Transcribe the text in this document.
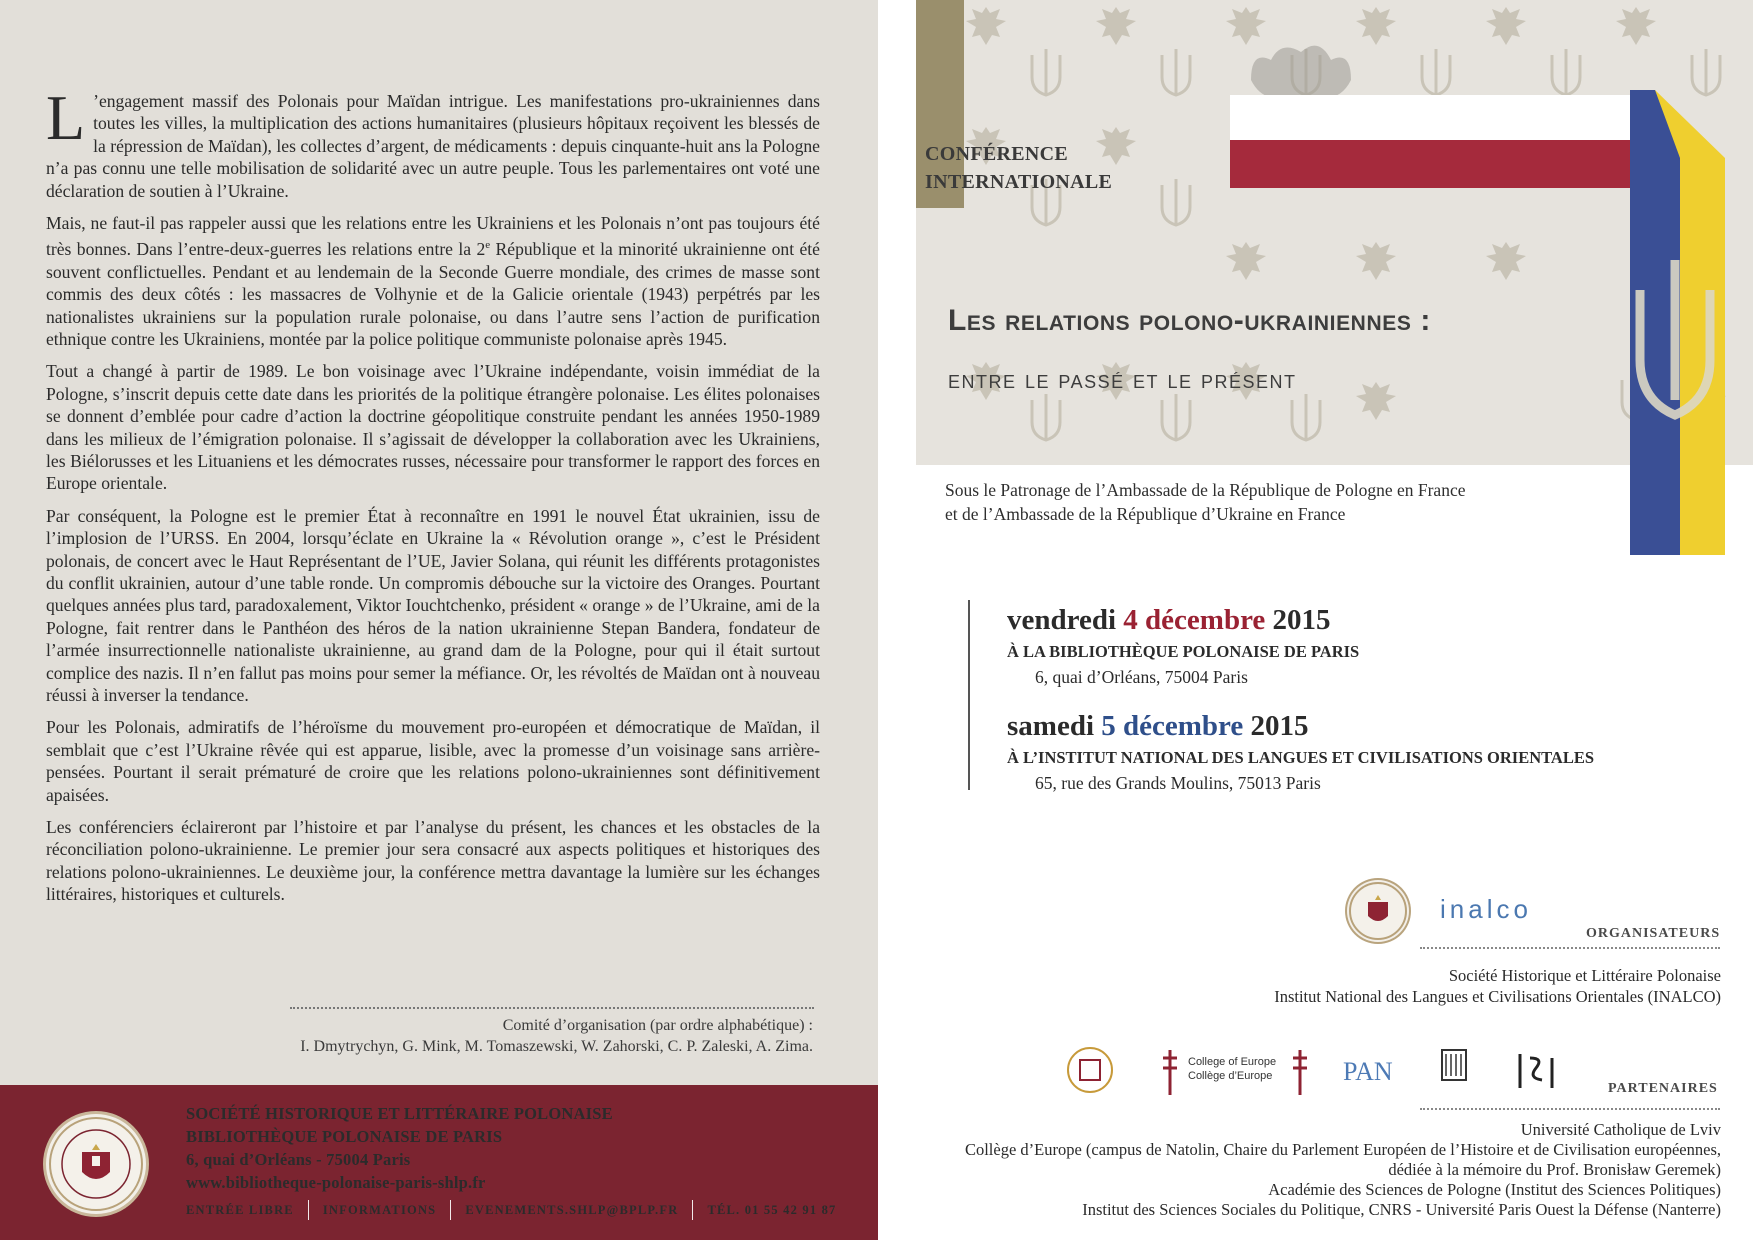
L ’engagement massif des Polonais pour Maïdan intrigue. Les manifestations pro-ukrainiennes dans toutes les villes, la multiplication des actions humanitaires (plusieurs hôpitaux reçoivent les blessés de la répression de Maïdan), les collectes d’argent, de médicaments : depuis cinquante-huit ans la Pologne n’a pas connu une telle mobilisation de solidarité avec un autre peuple. Tous les parlementaires ont voté une déclaration de soutien à l’Ukraine.

Mais, ne faut-il pas rappeler aussi que les relations entre les Ukrainiens et les Polonais n’ont pas toujours été très bonnes. Dans l’entre-deux-guerres les relations entre la 2e République et la minorité ukrainienne ont été souvent conflictuelles. Pendant et au lendemain de la Seconde Guerre mondiale, des crimes de masse sont commis des deux côtés : les massacres de Volhynie et de la Galicie orientale (1943) perpétrés par les nationalistes ukrainiens sur la population rurale polonaise, ou dans l’autre sens l’action de purification ethnique contre les Ukrainiens, montée par la police politique communiste polonaise après 1945.

Tout a changé à partir de 1989. Le bon voisinage avec l’Ukraine indépendante, voisin immédiat de la Pologne, s’inscrit depuis cette date dans les priorités de la politique étrangère polonaise. Les élites polonaises se donnent d’emblée pour cadre d’action la doctrine géopolitique construite pendant les années 1950-1989 dans les milieux de l’émigration polonaise. Il s’agissait de développer la collaboration avec les Ukrainiens, les Biélorusses et les Lituaniens et les démocrates russes, nécessaire pour transformer le rapport des forces en Europe orientale.

Par conséquent, la Pologne est le premier État à reconnaître en 1991 le nouvel État ukrainien, issu de l’implosion de l’URSS. En 2004, lorsqu’éclate en Ukraine la « Révolution orange », c’est le Président polonais, de concert avec le Haut Représentant de l’UE, Javier Solana, qui réunit les différents protagonistes du conflit ukrainien, autour d’une table ronde. Un compromis débouche sur la victoire des Oranges. Pourtant quelques années plus tard, paradoxalement, Viktor Iouchtchenko, président « orange » de l’Ukraine, ami de la Pologne, fait rentrer dans le Panthéon des héros de la nation ukrainienne Stepan Bandera, fondateur de l’armée insurrectionnelle nationaliste ukrainienne, au grand dam de la Pologne, pour qui il était surtout complice des nazis. Il n’en fallut pas moins pour semer la méfiance. Or, les révoltés de Maïdan ont à nouveau réussi à inverser la tendance.

Pour les Polonais, admiratifs de l’héroïsme du mouvement pro-européen et démocratique de Maïdan, il semblait que c’est l’Ukraine rêvée qui est apparue, lisible, avec la promesse d’un voisinage sans arrière-pensées. Pourtant il serait prématuré de croire que les relations polono-ukrainiennes sont définitivement apaisées.

Les conférenciers éclaireront par l’histoire et par l’analyse du présent, les chances et les obstacles de la réconciliation polono-ukrainienne. Le premier jour sera consacré aux aspects politiques et historiques des relations polono-ukrainiennes. Le deuxième jour, la conférence mettra davantage la lumière sur les échanges littéraires, historiques et culturels.

Comité d’organisation (par ordre alphabétique) :
I. Dmytrychyn, G. Mink, M. Tomaszewski, W. Zahorski, C. P. Zaleski, A. Zima.
SOCIÉTÉ HISTORIQUE ET LITTÉRAIRE POLONAISE
BIBLIOTHÈQUE POLONAISE DE PARIS
6, quai d’Orléans - 75004 Paris
www.bibliotheque-polonaise-paris-shlp.fr
ENTRÉE LIBRE INFORMATIONS EVENEMENTS.SHLP@BPLP.FR TÉL. 01 55 42 91 87
CONFÉRENCE
INTERNATIONALE
Les relations polono-ukrainiennes :
entre le passé et le présent
Sous le Patronage de l’Ambassade de la République de Pologne en France
et de l’Ambassade de la République d’Ukraine en France
vendredi 4 décembre 2015
À LA BIBLIOTHÈQUE POLONAISE DE PARIS
6, quai d’Orléans, 75004 Paris
samedi 5 décembre 2015
À L’INSTITUT NATIONAL DES LANGUES ET CIVILISATIONS ORIENTALES
65, rue des Grands Moulins, 75013 Paris
inalco
ORGANISATEURS
Société Historique et Littéraire Polonaise
Institut National des Langues et Civilisations Orientales (INALCO)
College of Europe
Collège d’Europe	PAN
PARTENAIRES
Université Catholique de Lviv
Collège d’Europe (campus de Natolin, Chaire du Parlement Européen de l’Histoire et de Civilisation européennes, dédiée à la mémoire du Prof. Bronisław Geremek)
Académie des Sciences de Pologne (Institut des Sciences Politiques)
Institut des Sciences Sociales du Politique, CNRS - Université Paris Ouest la Défense (Nanterre)
